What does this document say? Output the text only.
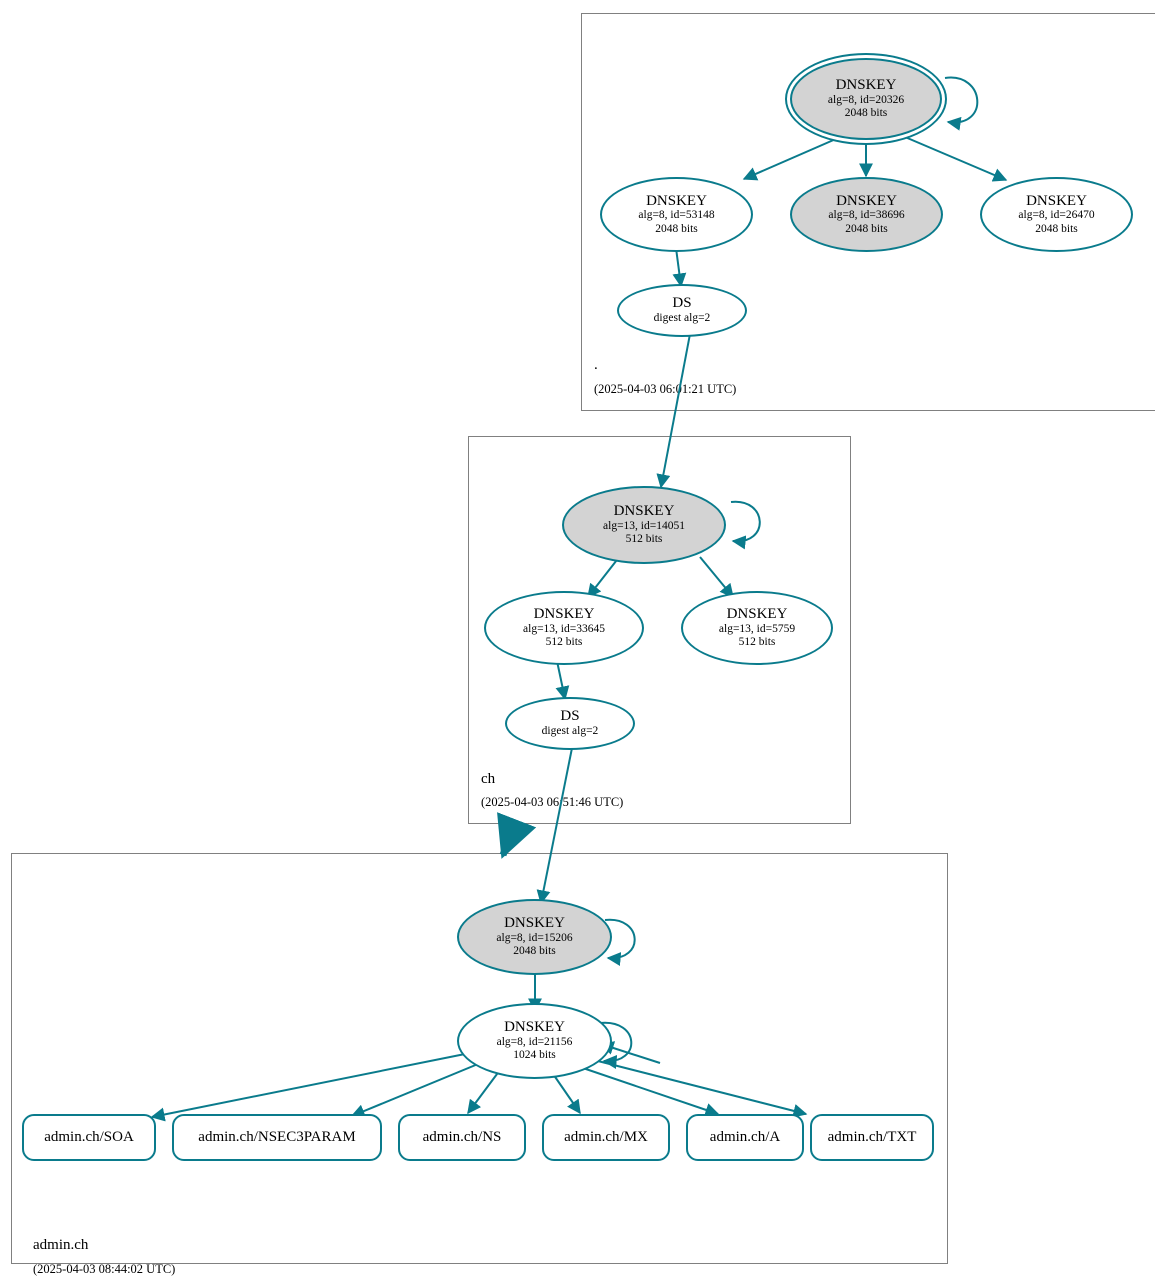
.
(2025-04-03 06:01:21 UTC)
ch
(2025-04-03 06:51:46 UTC)
admin.ch
(2025-04-03 08:44:02 UTC)
DNSKEY
alg=8, id=20326
2048 bits
DNSKEY
alg=8, id=53148
2048 bits
DNSKEY
alg=8, id=38696
2048 bits
DNSKEY
alg=8, id=26470
2048 bits
DS
digest alg=2
DNSKEY
alg=13, id=14051
512 bits
DNSKEY
alg=13, id=33645
512 bits
DNSKEY
alg=13, id=5759
512 bits
DS
digest alg=2
DNSKEY
alg=8, id=15206
2048 bits
DNSKEY
alg=8, id=21156
1024 bits
admin.ch/SOA	admin.ch/NSEC3PARAM	admin.ch/NS	admin.ch/MX	admin.ch/A	admin.ch/TXT
